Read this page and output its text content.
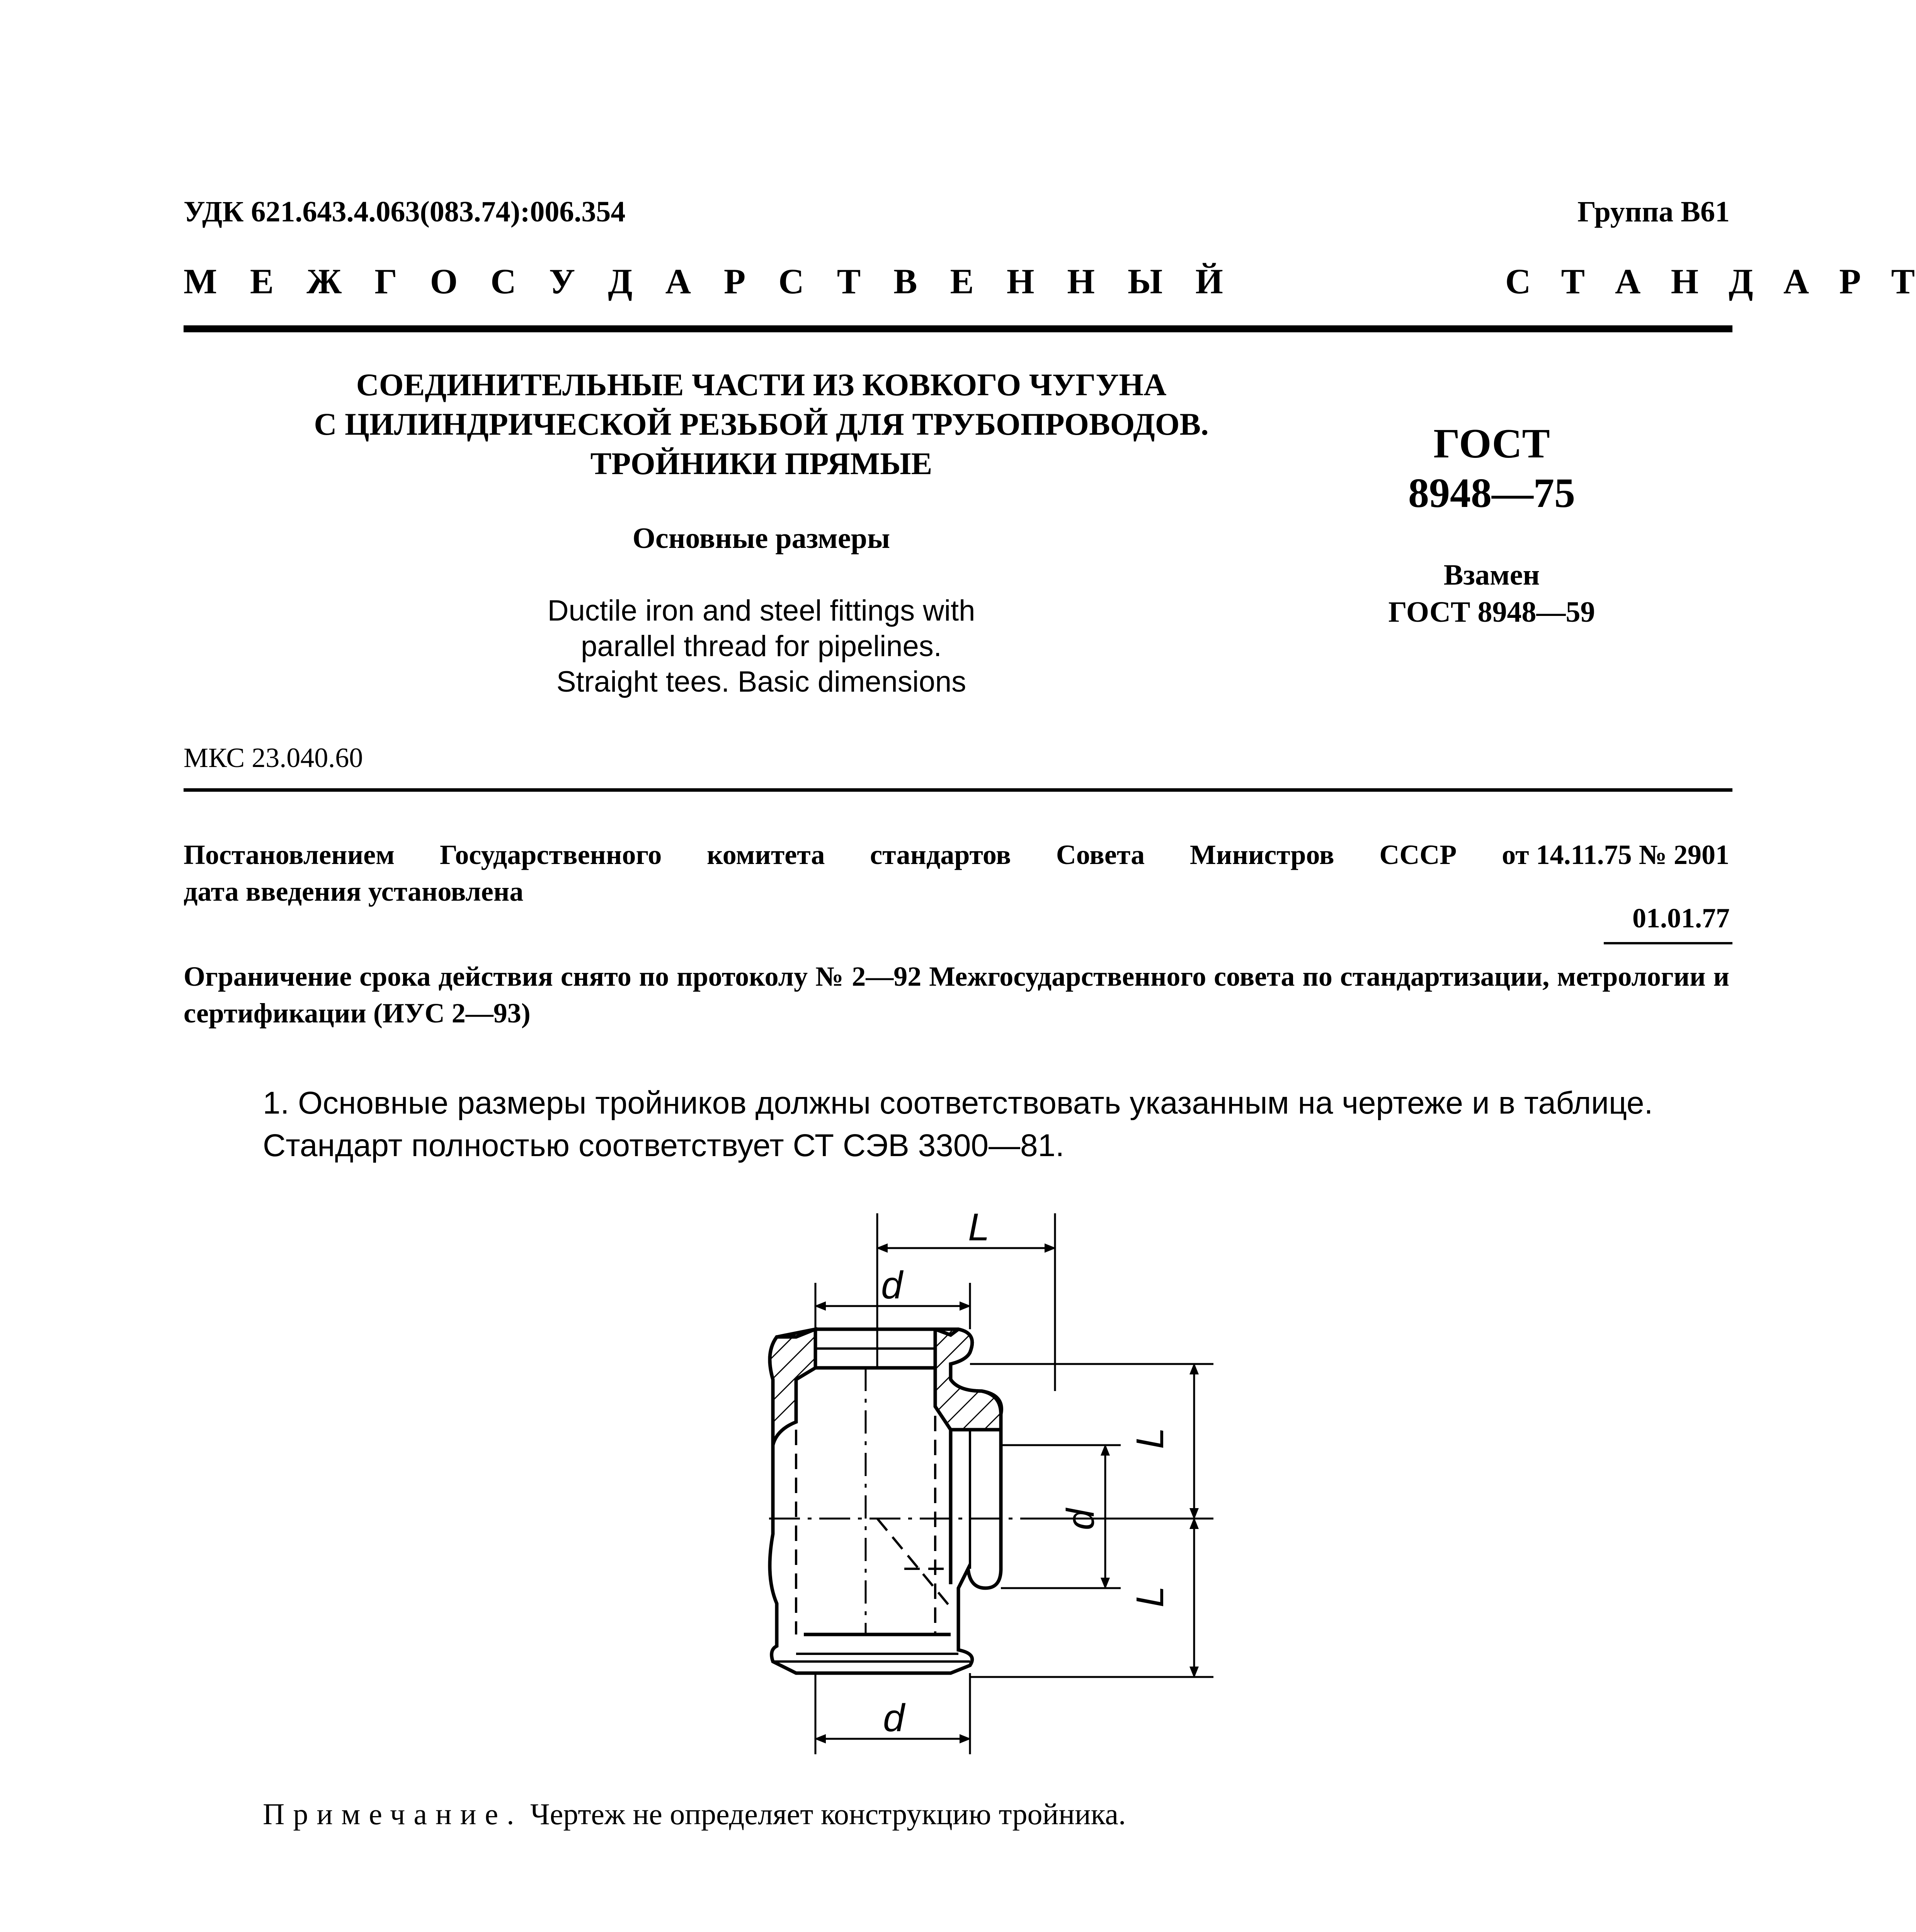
УДК 621.643.4.063(083.74):006.354	Группа В61
М Е Ж Г О С У Д А Р С Т В Е Н Н Ы Й	С Т А Н Д А Р Т
СОЕДИНИТЕЛЬНЫЕ ЧАСТИ ИЗ КОВКОГО ЧУГУНА
С ЦИЛИНДРИЧЕСКОЙ РЕЗЬБОЙ ДЛЯ ТРУБОПРОВОДОВ.
ТРОЙНИКИ ПРЯМЫЕ
Основные размеры
Ductile iron and steel fittings with
parallel thread for pipelines.
Straight tees. Basic dimensions
ГОСТ
8948—75
Взамен
ГОСТ 8948—59
МКС 23.040.60
Постановлением Государственного комитета стандартов Совета Министров СССР от 14.11.75 № 2901
дата введения установлена
01.01.77
Ограничение срока действия снято по протоколу № 2—92 Межгосударственного совета по стандартизации, метрологии и сертификации (ИУС 2—93)
1. Основные размеры тройников должны соответствовать указанным на чертеже и в таблице.
Стандарт полностью соответствует СТ СЭВ 3300—81.
L
d
L
L
d
d
Примечание. Чертеж не определяет конструкцию тройника.
